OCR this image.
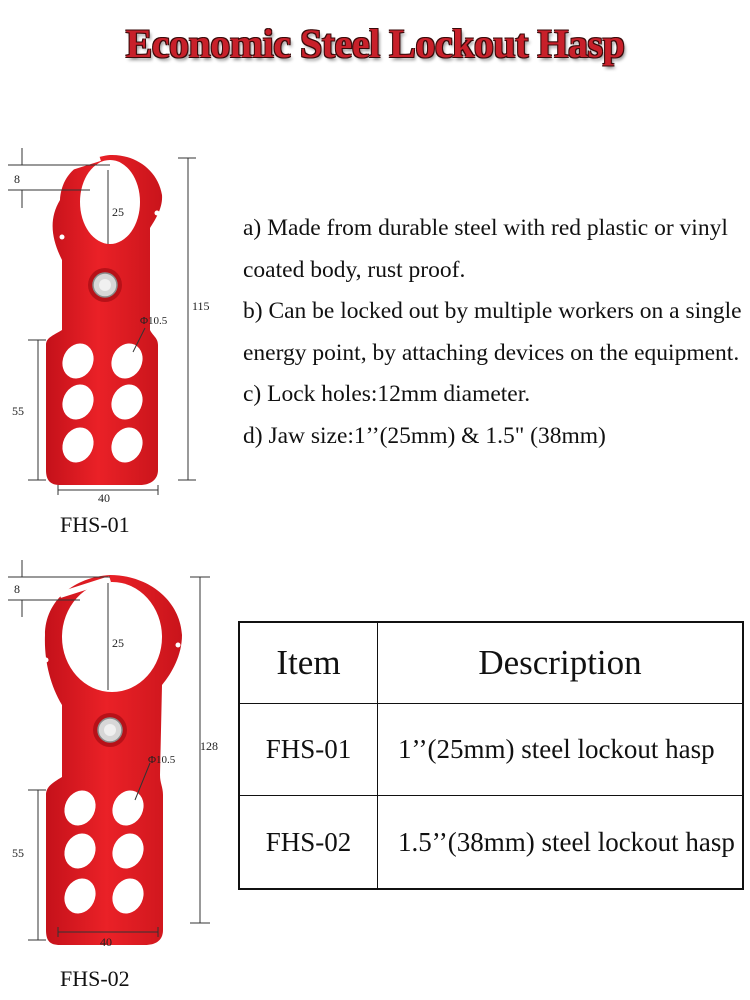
Economic Steel Lockout Hasp
8
25
115
Φ10.5
55
40
FHS-01
8
25
128
Φ10.5
55
40
FHS-02

a) Made from durable steel with red plastic or vinyl coated body, rust proof.

b) Can be locked out by multiple workers on a single energy point, by attaching devices on the equipment.

c) Lock holes:12mm diameter.

d) Jaw size:1’’(25mm) & 1.5" (38mm)

Item	Description
FHS-01	1’’(25mm) steel lockout hasp
FHS-02	1.5’’(38mm) steel lockout hasp
